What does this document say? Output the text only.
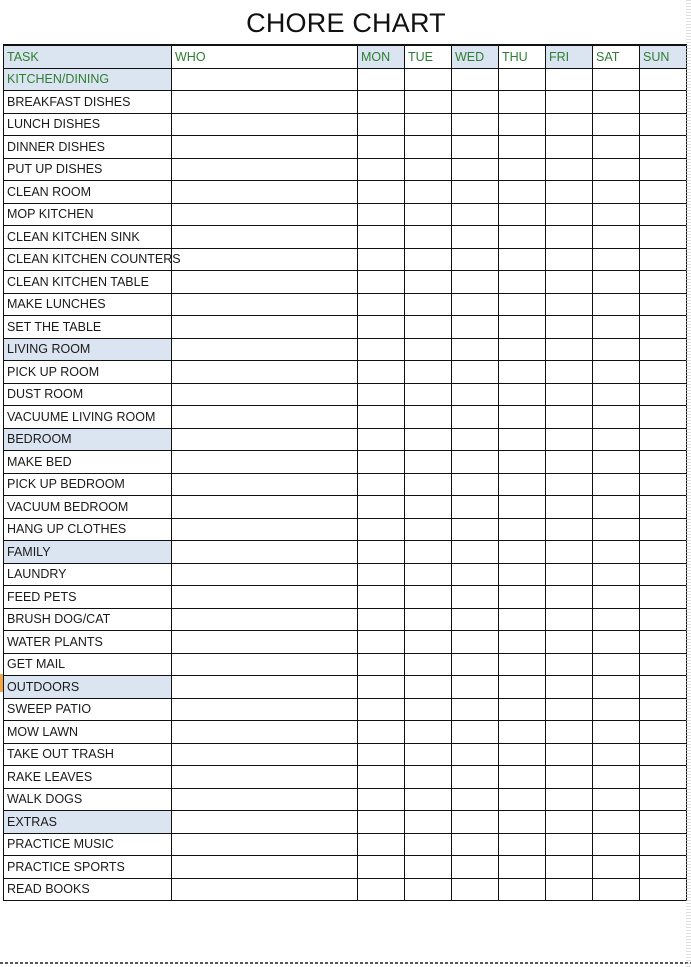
CHORE CHART
TASK	WHO	MON	TUE	WED	THU	FRI	SAT	SUN
KITCHEN/DINING								
BREAKFAST DISHES								
LUNCH DISHES								
DINNER DISHES								
PUT UP DISHES								
CLEAN ROOM								
MOP KITCHEN								
CLEAN KITCHEN SINK								
CLEAN KITCHEN COUNTERS								
CLEAN KITCHEN TABLE								
MAKE LUNCHES								
SET THE TABLE								
LIVING ROOM								
PICK UP ROOM								
DUST ROOM								
VACUUME LIVING ROOM								
BEDROOM								
MAKE BED								
PICK UP BEDROOM								
VACUUM BEDROOM								
HANG UP CLOTHES								
FAMILY								
LAUNDRY								
FEED PETS								
BRUSH DOG/CAT								
WATER PLANTS								
GET MAIL								
OUTDOORS								
SWEEP PATIO								
MOW LAWN								
TAKE OUT TRASH								
RAKE LEAVES								
WALK DOGS								
EXTRAS								
PRACTICE MUSIC								
PRACTICE SPORTS								
READ BOOKS								
